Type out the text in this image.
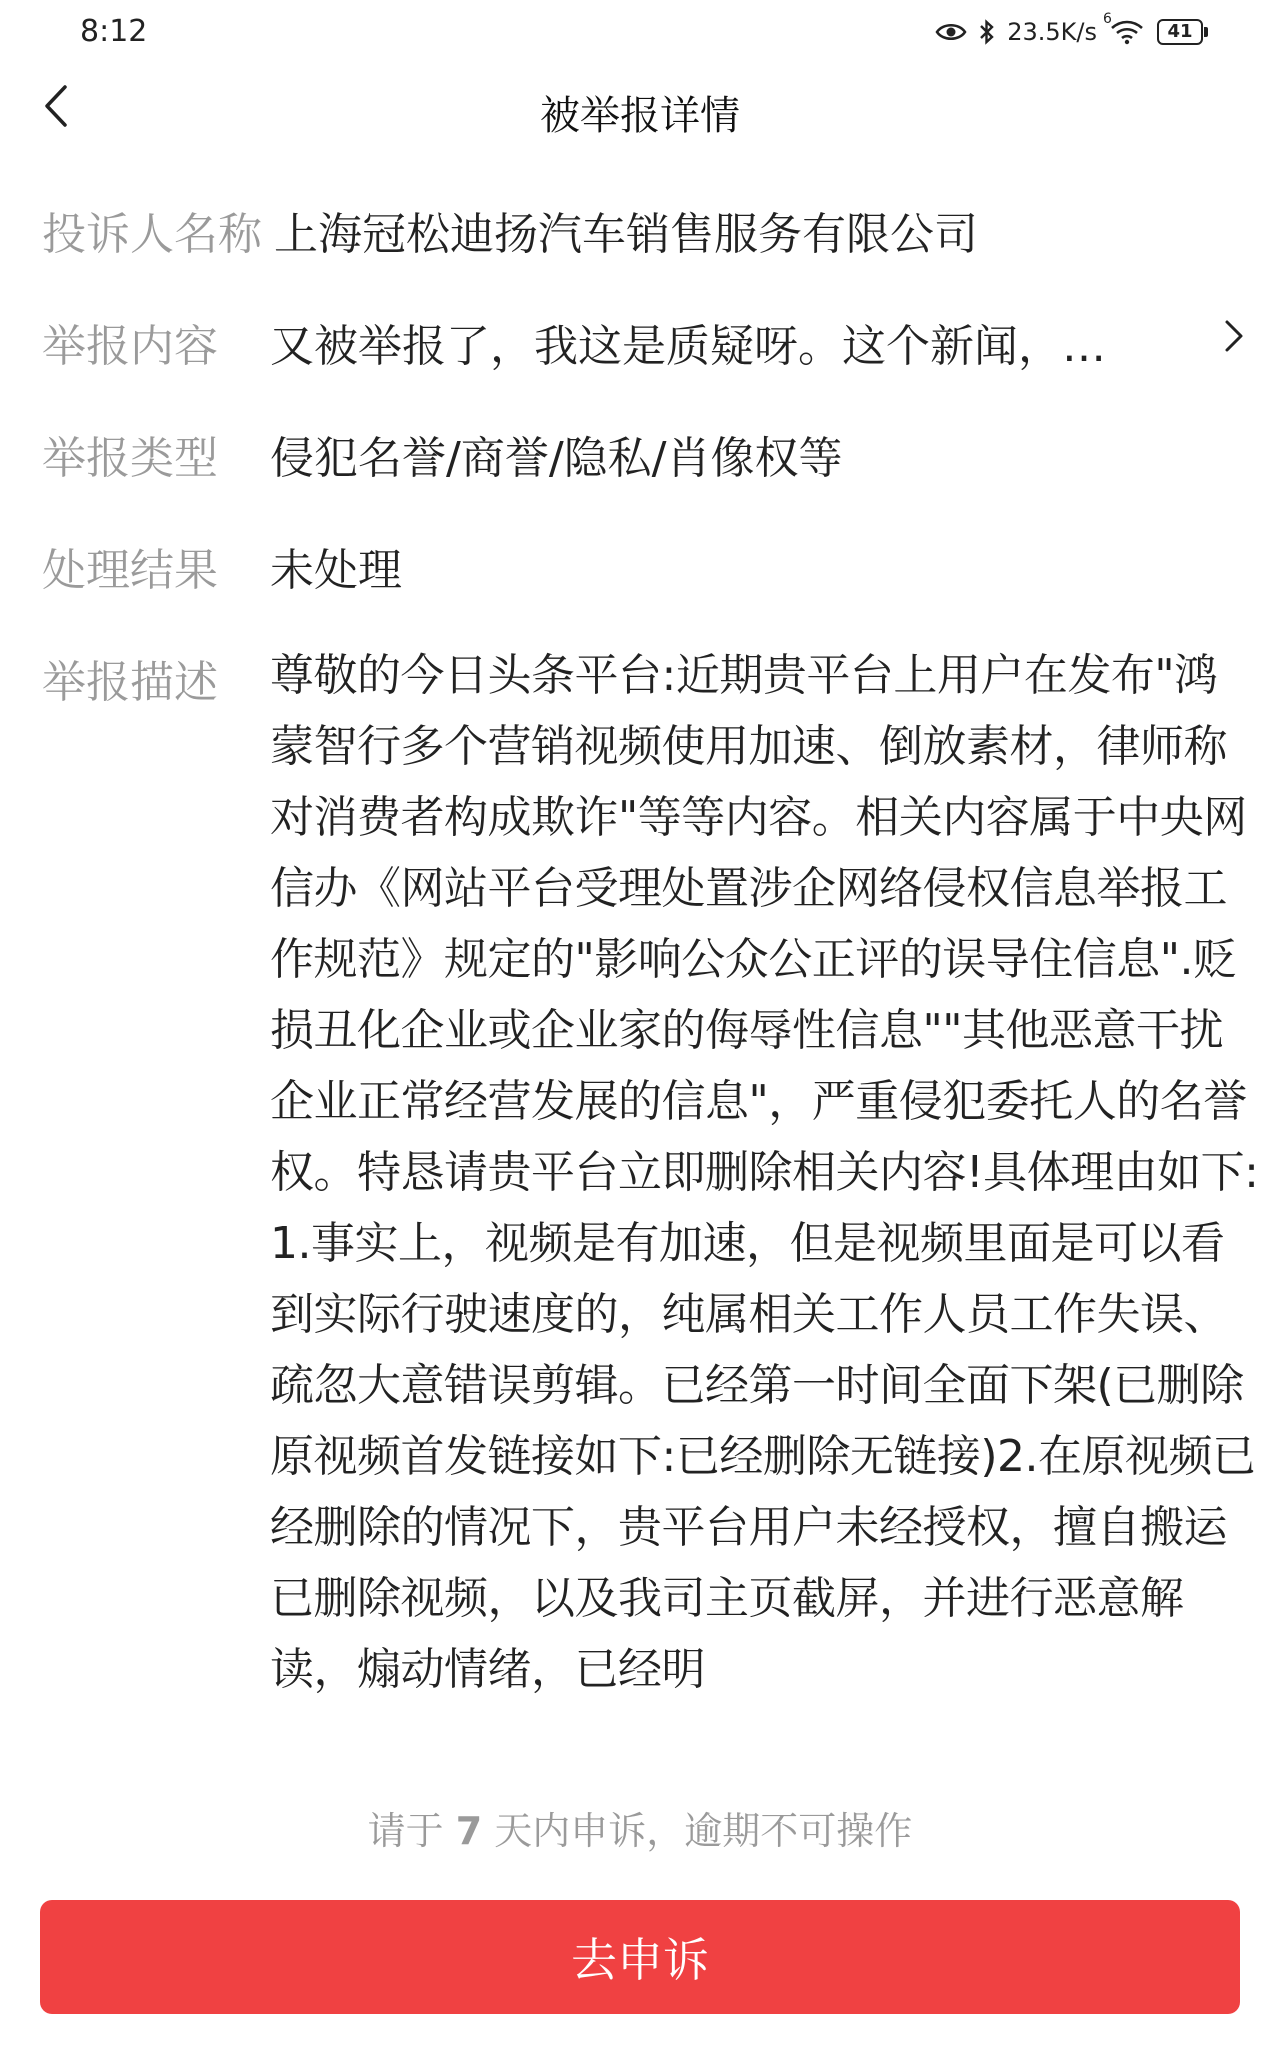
8:12	23.5K/s 6
41
被举报详情
投诉人名称 上海冠松迪扬汽车销售服务有限公司
举报内容 又被举报了，我这是质疑呀。这个新闻，…
举报类型 侵犯名誉/商誉/隐私/肖像权等
处理结果 未处理
举报描述 尊敬的今日头条平台:近期贵平台上用户在发布"鸿蒙智行多个营销视频使用加速、倒放素材，律师称对消费者构成欺诈"等等内容。相关内容属于中央网信办《网站平台受理处置涉企网络侵权信息举报工作规范》规定的"影响公众公正评的误导住信息".贬损丑化企业或企业家的侮辱性信息""其他恶意干扰企业正常经营发展的信息"，严重侵犯委托人的名誉权。特恳请贵平台立即删除相关内容!具体理由如下:1.事实上，视频是有加速，但是视频里面是可以看到实际行驶速度的，纯属相关工作人员工作失误、疏忽大意错误剪辑。已经第一时间全面下架(已删除原视频首发链接如下:已经删除无链接)2.在原视频已经删除的情况下，贵平台用户未经授权，擅自搬运已删除视频，以及我司主页截屏，并进行恶意解读，煽动情绪，已经明
请于 7 天内申诉，逾期不可操作
去申诉
